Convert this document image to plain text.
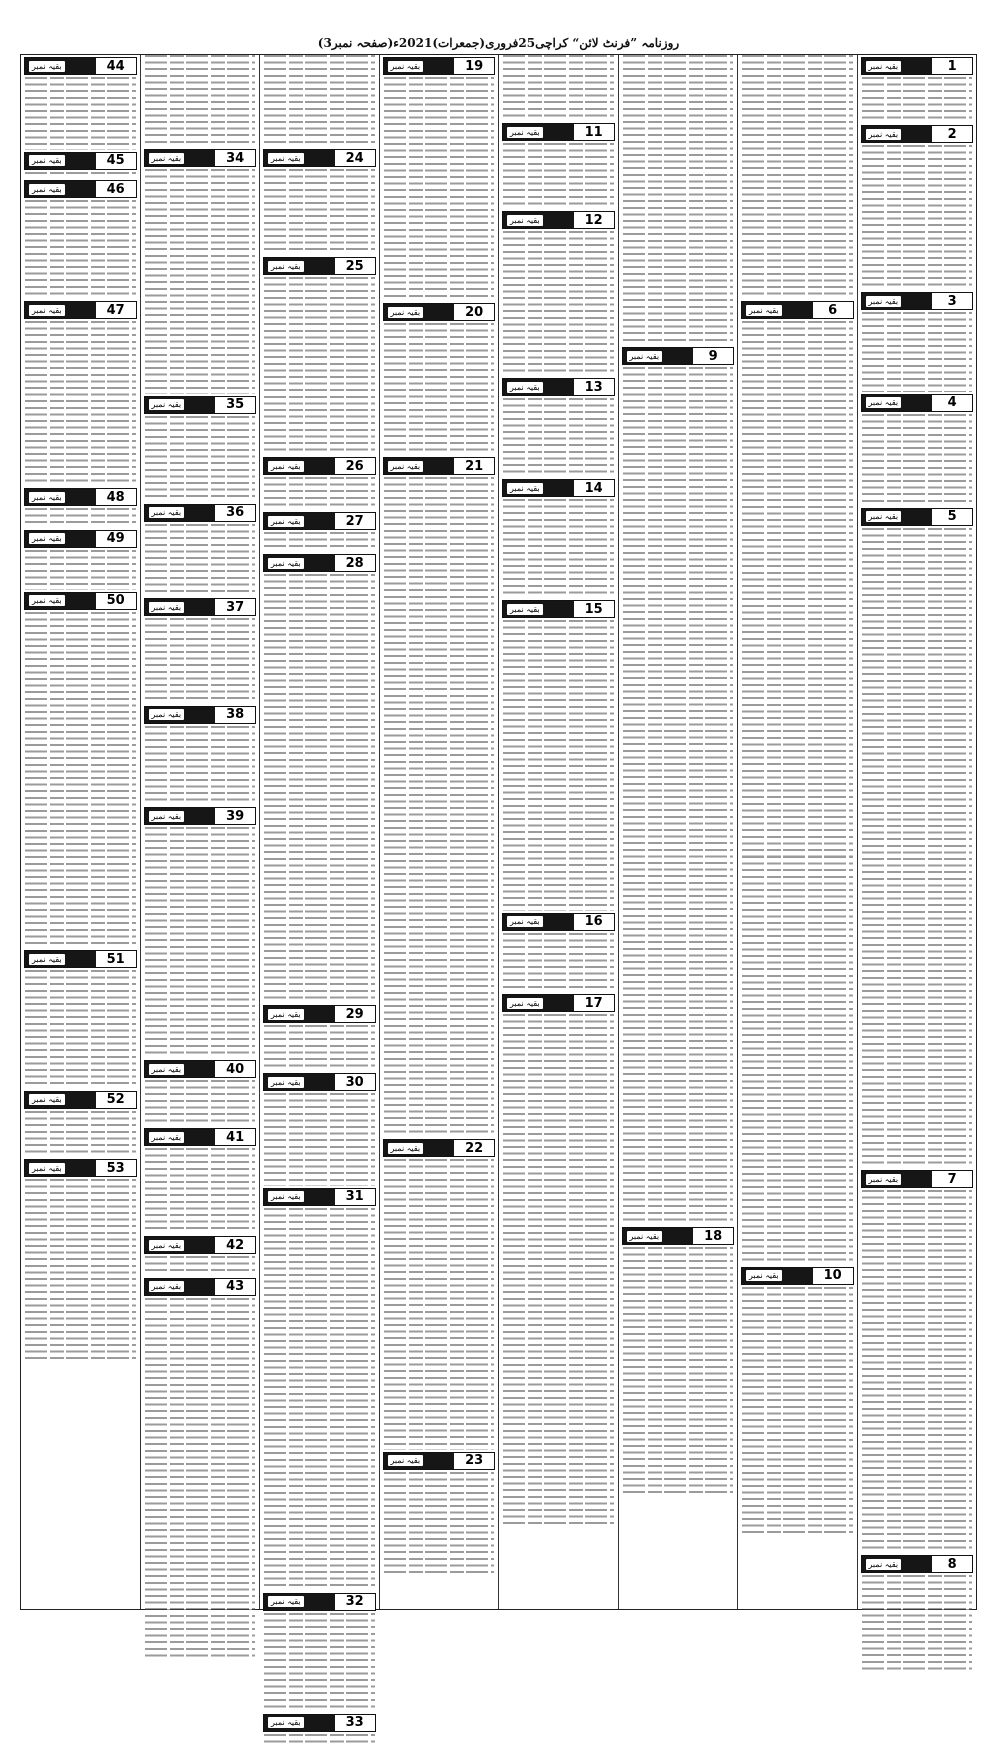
روزنامہ ”فرنٹ لائن“ کراچی25فروری(جمعرات)2021ء(صفحہ نمبر3)
1
بقیہ نمبر
2
بقیہ نمبر
3
بقیہ نمبر
4
بقیہ نمبر
5
بقیہ نمبر
7
بقیہ نمبر
8
بقیہ نمبر
6
بقیہ نمبر
10
بقیہ نمبر
9
بقیہ نمبر
18
بقیہ نمبر
11
بقیہ نمبر
12
بقیہ نمبر
13
بقیہ نمبر
14
بقیہ نمبر
15
بقیہ نمبر
16
بقیہ نمبر
17
بقیہ نمبر
19
بقیہ نمبر
20
بقیہ نمبر
21
بقیہ نمبر
22
بقیہ نمبر
23
بقیہ نمبر
24
بقیہ نمبر
25
بقیہ نمبر
26
بقیہ نمبر
27
بقیہ نمبر
28
بقیہ نمبر
29
بقیہ نمبر
30
بقیہ نمبر
31
بقیہ نمبر
32
بقیہ نمبر
33
بقیہ نمبر
34
بقیہ نمبر
35
بقیہ نمبر
36
بقیہ نمبر
37
بقیہ نمبر
38
بقیہ نمبر
39
بقیہ نمبر
40
بقیہ نمبر
41
بقیہ نمبر
42
بقیہ نمبر
43
بقیہ نمبر
44
بقیہ نمبر
45
بقیہ نمبر
46
بقیہ نمبر
47
بقیہ نمبر
48
بقیہ نمبر
49
بقیہ نمبر
50
بقیہ نمبر
51
بقیہ نمبر
52
بقیہ نمبر
53
بقیہ نمبر
